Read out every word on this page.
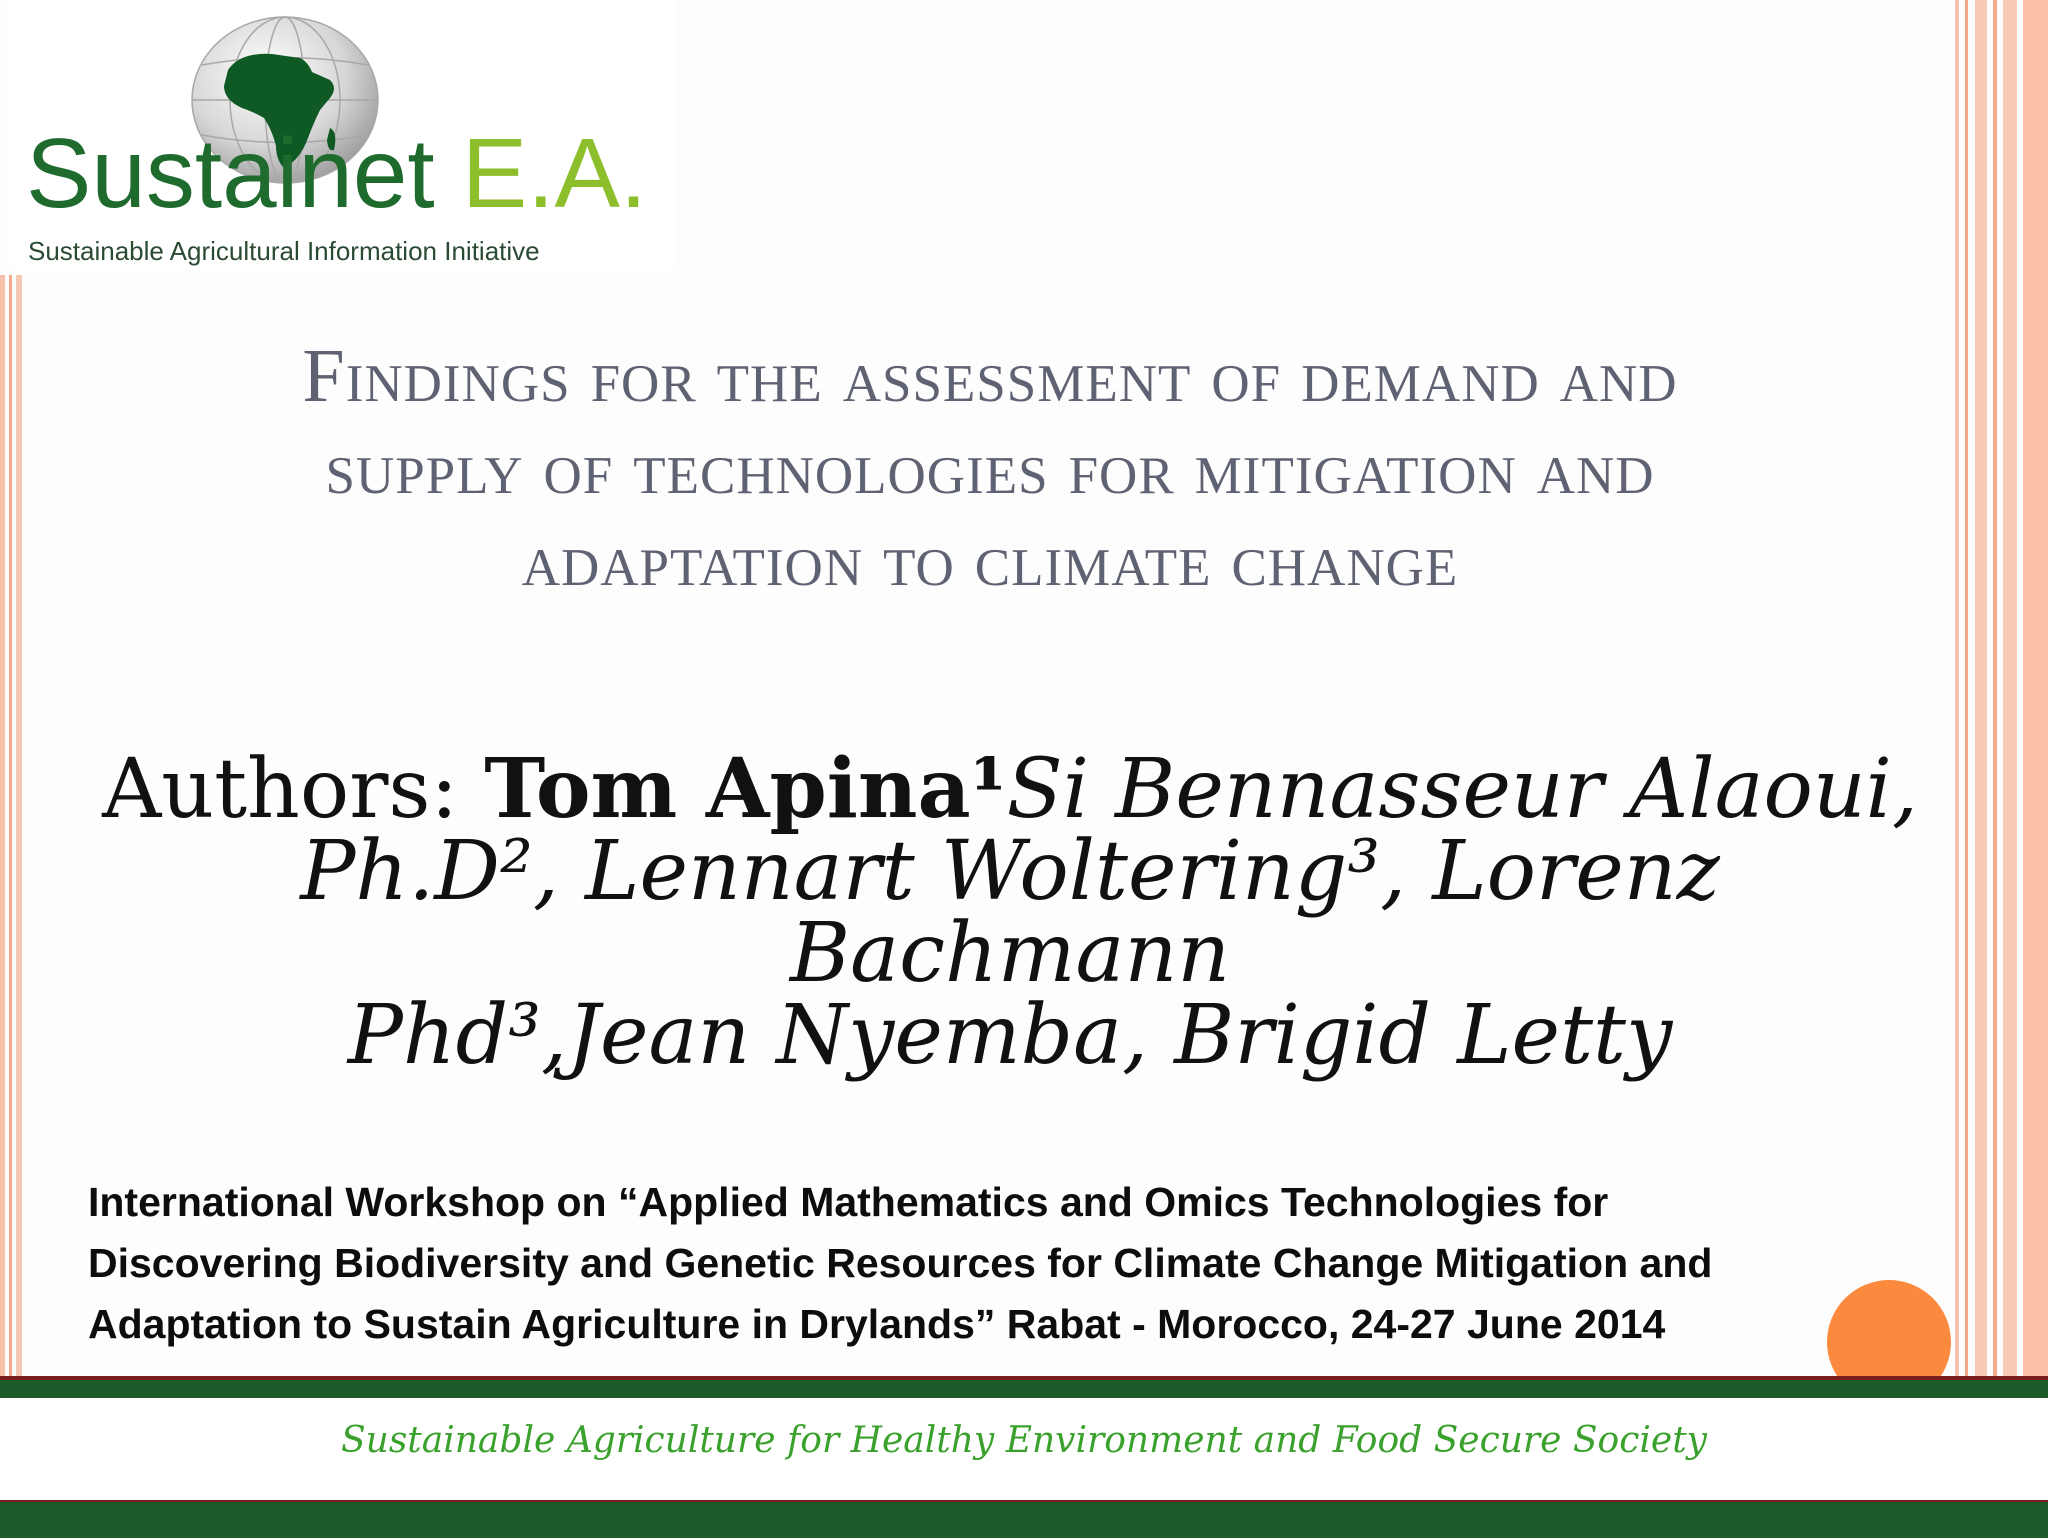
Sustainet E.A.
Sustainable Agricultural Information Initiative
Findings for the assessment of demand and
supply of technologies for mitigation and
adaptation to climate change
Authors: Tom Apina¹Si Bennasseur Alaoui,
Ph.D², Lennart Woltering³, Lorenz Bachmann
Phd³,Jean Nyemba, Brigid Letty
International Workshop on “Applied Mathematics and Omics Technologies for
Discovering Biodiversity and Genetic Resources for Climate Change Mitigation and
Adaptation to Sustain Agriculture in Drylands” Rabat - Morocco, 24-27 June 2014
Sustainable Agriculture for Healthy Environment and Food Secure Society
